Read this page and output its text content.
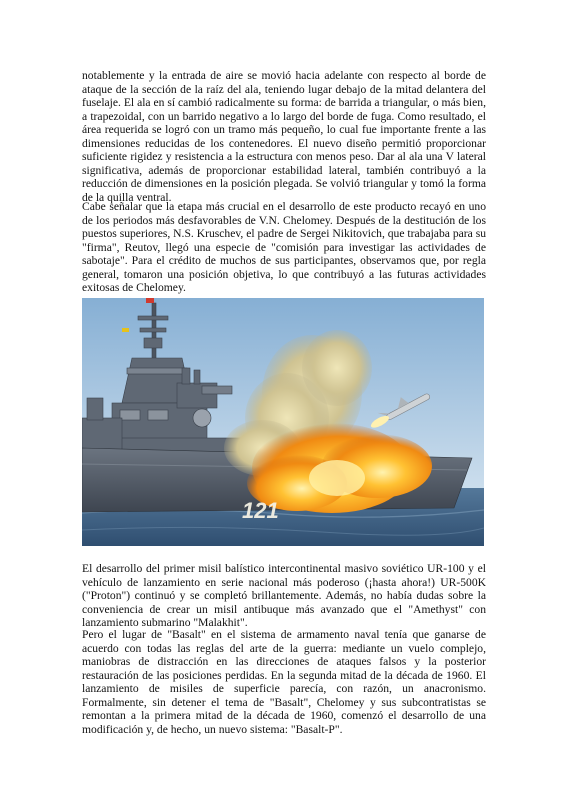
notablemente y la entrada de aire se movió hacia adelante con respecto al borde de ataque de la sección de la raíz del ala, teniendo lugar debajo de la mitad delantera del fuselaje. El ala en sí cambió radicalmente su forma: de barrida a triangular, o más bien, a trapezoidal, con un barrido negativo a lo largo del borde de fuga. Como resultado, el área requerida se logró con un tramo más pequeño, lo cual fue importante frente a las dimensiones reducidas de los contenedores. El nuevo diseño permitió proporcionar suficiente rigidez y resistencia a la estructura con menos peso. Dar al ala una V lateral significativa, además de proporcionar estabilidad lateral, también contribuyó a la reducción de dimensiones en la posición plegada. Se volvió triangular y tomó la forma de la quilla ventral.

Cabe señalar que la etapa más crucial en el desarrollo de este producto recayó en uno de los periodos más desfavorables de V.N. Chelomey. Después de la destitución de los puestos superiores, N.S. Kruschev, el padre de Sergei Nikitovich, que trabajaba para su "firma", Reutov, llegó una especie de "comisión para investigar las actividades de sabotaje". Para el crédito de muchos de sus participantes, observamos que, por regla general, tomaron una posición objetiva, lo que contribuyó a las futuras actividades exitosas de Chelomey.

121

El desarrollo del primer misil balístico intercontinental masivo soviético UR-100 y el vehículo de lanzamiento en serie nacional más poderoso (¡hasta ahora!) UR-500K ("Proton") continuó y se completó brillantemente. Además, no había dudas sobre la conveniencia de crear un misil antibuque más avanzado que el "Amethyst" con lanzamiento submarino "Malakhit".

Pero el lugar de "Basalt" en el sistema de armamento naval tenía que ganarse de acuerdo con todas las reglas del arte de la guerra: mediante un vuelo complejo, maniobras de distracción en las direcciones de ataques falsos y la posterior restauración de las posiciones perdidas. En la segunda mitad de la década de 1960. El lanzamiento de misiles de superficie parecía, con razón, un anacronismo. Formalmente, sin detener el tema de "Basalt", Chelomey y sus subcontratistas se remontan a la primera mitad de la década de 1960, comenzó el desarrollo de una modificación y, de hecho, un nuevo sistema: "Basalt-P".
